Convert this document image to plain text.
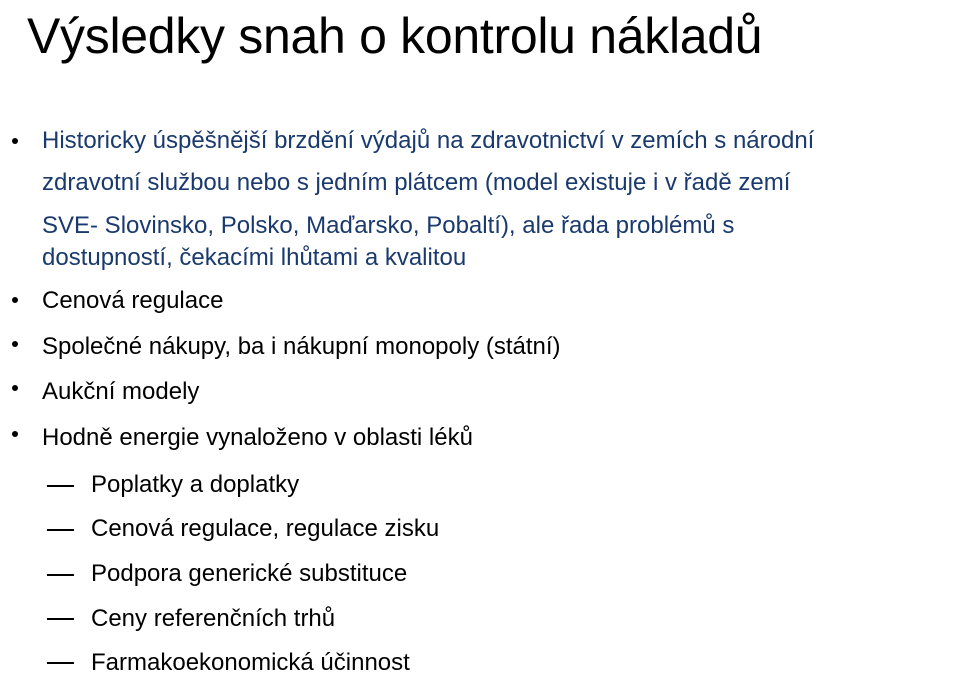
Výsledky snah o kontrolu nákladů
Historicky úspěšnější brzdění výdajů na zdravotnictví v zemích s národní
zdravotní službou nebo s jedním plátcem (model existuje i v řadě zemí
SVE- Slovinsko, Polsko, Maďarsko, Pobaltí), ale řada problémů s
dostupností, čekacími lhůtami a kvalitou
Cenová regulace
Společné nákupy, ba i nákupní monopoly (státní)
Aukční modely
Hodně energie vynaloženo v oblasti léků
Poplatky a doplatky
Cenová regulace, regulace zisku
Podpora generické substituce
Ceny referenčních trhů
Farmakoekonomická účinnost
